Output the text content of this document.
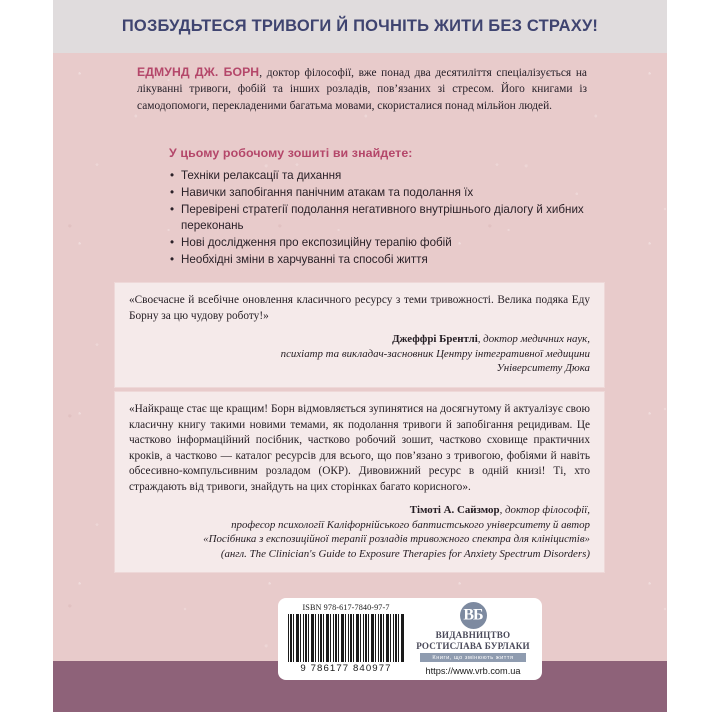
ПОЗБУДЬТЕСЯ ТРИВОГИ Й ПОЧНІТЬ ЖИТИ БЕЗ СТРАХУ!
ЕДМУНД ДЖ. БОРН, доктор філософії, вже понад два десятиліття спеціалізується на лікуванні тривоги, фобій та інших розладів, пов’язаних зі стресом. Його книгами із самодопомоги, перекладеними багатьма мовами, скористалися понад мільйон людей.
У цьому робочому зошиті ви знайдете:
• Техніки релаксації та дихання
• Навички запобігання панічним атакам та подолання їх
• Перевірені стратегії подолання негативного внутрішнього діалогу й хибних переконань
• Нові дослідження про експозиційну терапію фобій
• Необхідні зміни в харчуванні та способі життя

«Своєчасне й всебічне оновлення класичного ресурсу з теми тривожності. Велика подяка Еду Борну за цю чудову роботу!»

Джеффрі Брентлі, доктор медичних наук,
психіатр та викладач-засновник Центру інтегративної медицини
Університету Дюка

«Найкраще стає ще кращим! Борн відмовляється зупинятися на досягнутому й актуалізує свою класичну книгу такими новими темами, як подолання тривоги й запобігання рецидивам. Це частково інформаційний посібник, частково робочий зошит, частково сховище практичних кроків, а частково — каталог ресурсів для всього, що пов’язано з тривогою, фобіями й навіть обсесивно-компульсивним розладом (ОКР). Дивовижний ресурс в одній книзі! Ті, хто страждають від тривоги, знайдуть на цих сторінках багато корисного».

Тімоті А. Сайзмор, доктор філософії,
професор психології Каліфорнійського баптистського університету й автор
«Посібника з експозиційної терапії розладів тривожного спектра для клініцистів»
(англ. The Clinician's Guide to Exposure Therapies for Anxiety Spectrum Disorders)
ISBN 978-617-7840-97-7
9 786177 840977
ВБ
ВИДАВНИЦТВО
РОСТИСЛАВА БУРЛАКИ
Книги, що змінюють життя
https://www.vrb.com.ua
